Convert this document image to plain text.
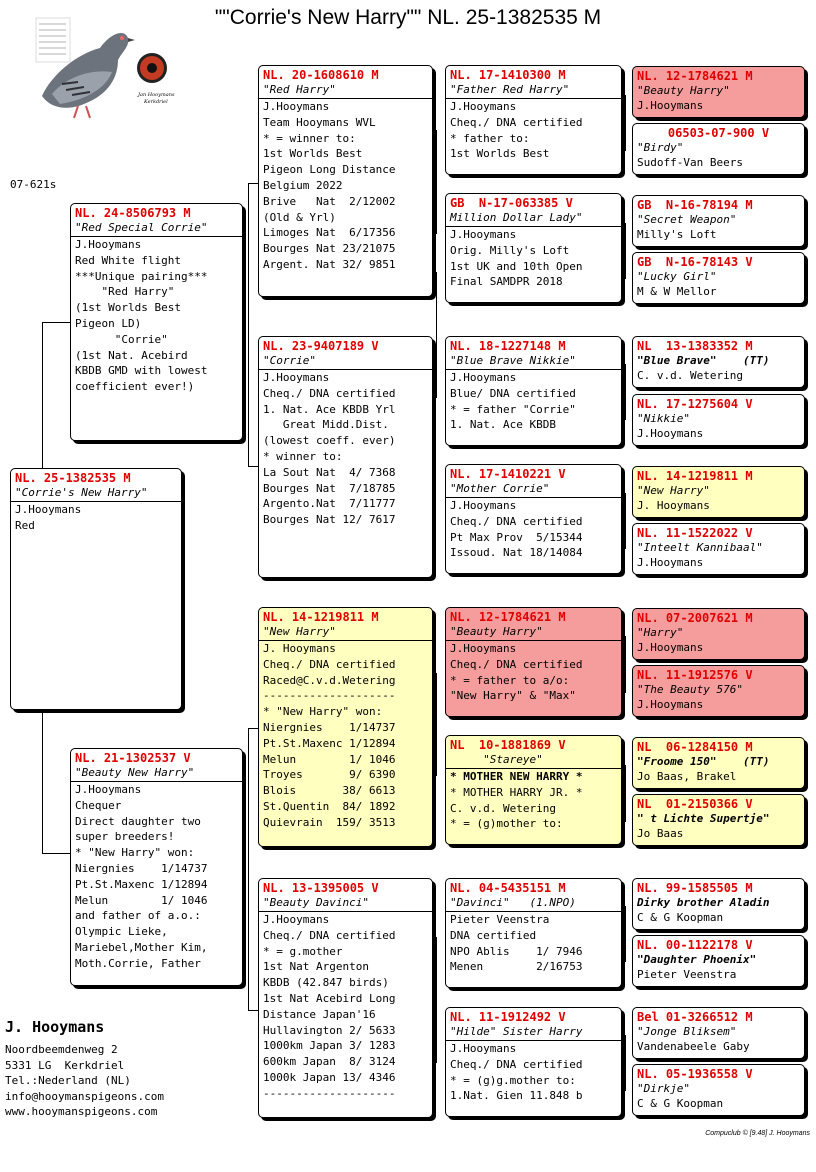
""Corrie's New Harry"" NL. 25-1382535 M
Jan Hooymans
Kerkdriel
07-621s
NL. 25-1382535 M
"Corrie's New Harry"
J.Hooymans
Red
NL. 24-8506793 M
"Red Special Corrie"
J.Hooymans
Red White flight
***Unique pairing***
"Red Harry"
(1st Worlds Best
Pigeon LD)
"Corrie"
(1st Nat. Acebird
KBDB GMD with lowest
coefficient ever!)
NL. 21-1302537 V
"Beauty New Harry"
J.Hooymans
Chequer
Direct daughter two
super breeders!
* "New Harry" won:
Niergnies    1/14737
Pt.St.Maxenc 1/12894
Melun        1/ 1046
and father of a.o.:
Olympic Lieke,
Mariebel,Mother Kim,
Moth.Corrie, Father
NL. 20-1608610 M
"Red Harry"
J.Hooymans
Team Hooymans WVL
* = winner to:
1st Worlds Best
Pigeon Long Distance
Belgium 2022
Brive   Nat  2/12002
(Old & Yrl)
Limoges Nat  6/17356
Bourges Nat 23/21075
Argent. Nat 32/ 9851
NL. 23-9407189 V
"Corrie"
J.Hooymans
Cheq./ DNA certified
1. Nat. Ace KBDB Yrl
Great Midd.Dist.
(lowest coeff. ever)
* winner to:
La Sout Nat  4/ 7368
Bourges Nat  7/18785
Argento.Nat  7/11777
Bourges Nat 12/ 7617
NL. 14-1219811 M
"New Harry"
J. Hooymans
Cheq./ DNA certified
Raced@C.v.d.Wetering
--------------------
* "New Harry" won:
Niergnies    1/14737
Pt.St.Maxenc 1/12894
Melun        1/ 1046
Troyes       9/ 6390
Blois       38/ 6613
St.Quentin  84/ 1892
Quievrain  159/ 3513
NL. 13-1395005 V
"Beauty Davinci"
J.Hooymans
Cheq./ DNA certified
* = g.mother
1st Nat Argenton
KBDB (42.847 birds)
1st Nat Acebird Long
Distance Japan'16
Hullavington 2/ 5633
1000km Japan 3/ 1283
600km Japan  8/ 3124
1000k Japan 13/ 4346
--------------------
NL. 17-1410300 M
"Father Red Harry"
J.Hooymans
Cheq./ DNA certified
* father to:
1st Worlds Best
GB  N-17-063385 V
Million Dollar Lady"
J.Hooymans
Orig. Milly's Loft
1st UK and 10th Open
Final SAMDPR 2018
NL. 18-1227148 M
"Blue Brave Nikkie"
J.Hooymans
Blue/ DNA certified
* = father "Corrie"
1. Nat. Ace KBDB
NL. 17-1410221 V
"Mother Corrie"
J.Hooymans
Cheq./ DNA certified
Pt Max Prov  5/15344
Issoud. Nat 18/14084
NL. 12-1784621 M
"Beauty Harry"
J.Hooymans
Cheq./ DNA certified
* = father to a/o:
"New Harry" & "Max"
NL  10-1881869 V
"Stareye"
* MOTHER NEW HARRY *
* MOTHER HARRY JR. *
C. v.d. Wetering
* = (g)mother to:
NL. 04-5435151 M
"Davinci"   (1.NPO)
Pieter Veenstra
DNA certified
NPO Ablis    1/ 7946
Menen        2/16753
NL. 11-1912492 V
"Hilde" Sister Harry
J.Hooymans
Cheq./ DNA certified
* = (g)g.mother to:
1.Nat. Gien 11.848 b
NL. 12-1784621 M
"Beauty Harry"
J.Hooymans
06503-07-900 V
"Birdy"
Sudoff-Van Beers
GB  N-16-78194 M
"Secret Weapon"
Milly's Loft
GB  N-16-78143 V
"Lucky Girl"
M & W Mellor
NL  13-1383352 M
"Blue Brave"    (TT)
C. v.d. Wetering
NL. 17-1275604 V
"Nikkie"
J.Hooymans
NL. 14-1219811 M
"New Harry"
J. Hooymans
NL. 11-1522022 V
"Inteelt Kannibaal"
J.Hooymans
NL. 07-2007621 M
"Harry"
J.Hooymans
NL. 11-1912576 V
"The Beauty 576"
J.Hooymans
NL  06-1284150 M
"Froome 150"    (TT)
Jo Baas, Brakel
NL  01-2150366 V
" t Lichte Supertje"
Jo Baas
NL. 99-1585505 M
Dirky brother Aladin
C & G Koopman
NL. 00-1122178 V
"Daughter Phoenix"
Pieter Veenstra
Bel 01-3266512 M
"Jonge Bliksem"
Vandenabeele Gaby
NL. 05-1936558 V
"Dirkje"
C & G Koopman
J. Hooymans
Noordbeemdenweg 2
5331 LG  Kerkdriel
Tel.:Nederland (NL)
info@hooymanspigeons.com
www.hooymanspigeons.com
Compuclub © [9.48] J. Hooymans
